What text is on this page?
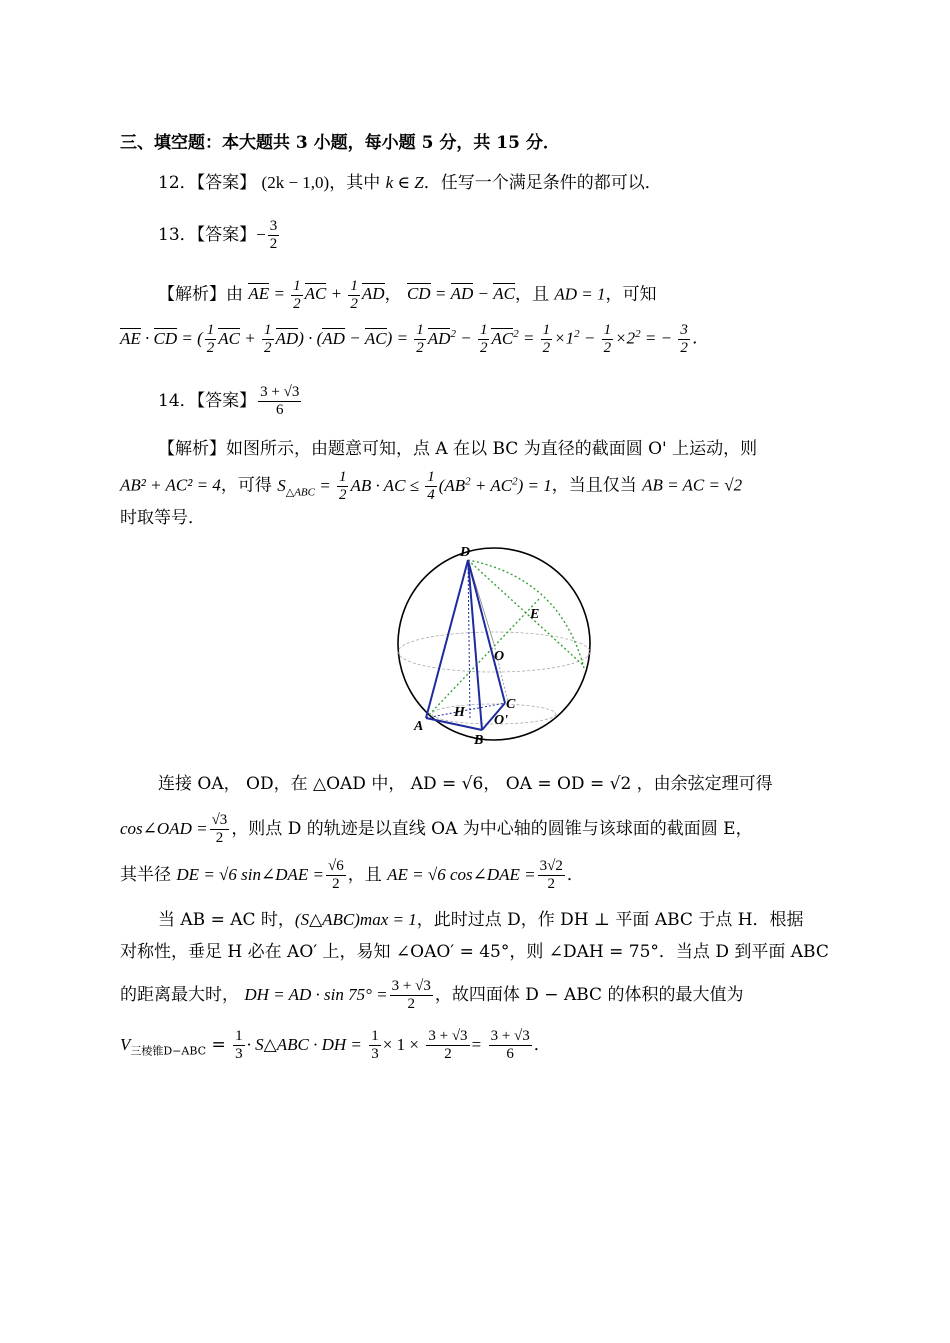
三、填空题：本大题共 3 小题，每小题 5 分，共 15 分．
12．【答案】 (2k − 1,0)，其中 k ∈ Z．任写一个满足条件的都可以．
13．【答案】− $\frac{3}{2}$
【解析】由 AE = $\frac{1}{2}$ AC + $\frac{1}{2}$ AD， CD = AD − AC，且 AD = 1，可知
AE · CD = ( $\frac{1}{2}$ AC + $\frac{1}{2} AD) \cdot (AD - AC) = \frac{1}{2} AD^2 - \frac{1}{2} AC^2 = \frac{1}{2} \times 1^2 - \frac{1}{2} \times 2^2$ = − $\frac{3}{2}$ ．
14．【答案】 $\frac{3 + √3}{6}$
【解析】如图所示，由题意可知，点 A 在以 BC 为直径的截面圆 O' 上运动，则
AB² + AC² = 4，可得 $S_{\triangle ABC} = \frac{1}{2}$ AB · AC ≤ $\frac{1}{4} (AB^2 + AC^2) = 1$，当且仅当 AB = AC = √2
时取等号．
D
E
O
C
H
O'
A
B
连接 OA， OD，在 △OAD 中， AD = √6， OA = OD = √2 ，由余弦定理可得
cos∠OAD = $\frac{√3}{2}$ ，则点 D 的轨迹是以直线 OA 为中心轴的圆锥与该球面的截面圆 E，
其半径 DE = √6 sin∠DAE = $\frac{√6}{2}$ ，且 AE = √6 cos∠DAE = $\frac{3√2}{2}$ ．
当 AB = AC 时，(S△ABC)max = 1，此时过点 D，作 DH ⊥ 平面 ABC 于点 H．根据
对称性，垂足 H 必在 AO′ 上，易知 ∠OAO′ = 45°，则 ∠DAH = 75°．当点 D 到平面 ABC
的距离最大时， DH = AD · $\sin 75^\circ = \frac{3 + √3}{2}$ ，故四面体 D − ABC 的体积的最大值为
$V_{三棱锥D-ABC} = \frac{1}{3}$ · S△ABC · DH = $\frac{1}{3} \times 1 \times \frac{3 + √3}{2} = \frac{3 + √3}{6}$ ．
